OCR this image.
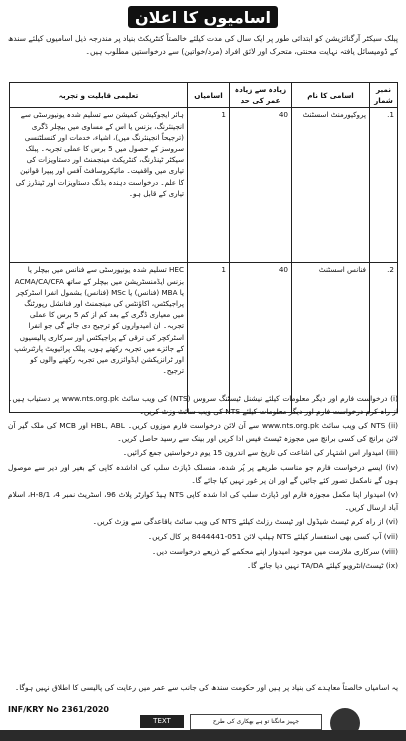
اسامیوں کا اعلان
پبلک سیکٹر آرگنائزیشن کو ابتدائی طور پر ایک سال کی مدت کیلئے خالصتاً کنٹریکٹ بنیاد پر مندرجہ ذیل اسامیوں کیلئے سندھ کے ڈومیسائل یافتہ نہایت محنتی، متحرک اور لائق افراد (مرد/خواتین) سے درخواستیں مطلوب ہیں۔
نمبر شمار	اسامی کا نام	زیادہ سے زیادہ عمر کی حد	اسامیاں	تعلیمی قابلیت و تجربہ
1.	پروکیورمنٹ اسسٹنٹ	40	1	ہائر ایجوکیشن کمیشن سے تسلیم شدہ یونیورسٹی سے انجینئرنگ، بزنس یا اس کے مساوی میں بیچلر ڈگری (ترجیحاً انجینئرنگ میں)، اشیاء، خدمات اور کنسلٹنسی سروسز کے حصول میں 5 برس کا عملی تجربہ۔ پبلک سیکٹر ٹینڈرنگ، کنٹریکٹ مینجمنٹ اور دستاویزات کی تیاری میں واقفیت۔ مائیکروسافٹ آفس اور پیپرا قوانین کا علم۔ درخواست دہندہ بڈنگ دستاویزات اور ٹینڈرز کی تیاری کے قابل ہو۔
2.	فنانس اسسٹنٹ	40	1	HEC تسلیم شدہ یونیورسٹی سے فنانس میں بیچلر یا بزنس ایڈمنسٹریشن میں بیچلر کے ساتھ ACMA/CA/CFA یا MBA (فنانس) یا MSc (فنانس) بشمول انفرا اسٹرکچر پراجیکٹس، اکاؤنٹس کی مینجمنٹ اور فنانشل رپورٹنگ میں معیاری ڈگری کے بعد کم از کم 5 برس کا عملی تجربہ۔ ان امیدواروں کو ترجیح دی جائے گی جو انفرا اسٹرکچر کی ترقی کے پراجیکٹس اور سرکاری پالیسیوں کے جائزے میں تجربہ رکھتے ہوں، پبلک پرائیویٹ پارٹنرشپ اور ٹرانزیکشن ایڈوائزری میں تجربہ رکھنے والوں کو ترجیح۔
(i) درخواست فارم اور دیگر معلومات کیلئے نیشنل ٹیسٹنگ سروس (NTS) کی ویب سائٹ www.nts.org.pk پر دستیاب ہیں۔ از راہ کرم درخواست فارم اور دیگر معلومات کیلئے NTS کی ویب سائٹ وزٹ کریں۔
(ii) NTS کی ویب سائٹ www.nts.org.pk سے آن لائن درخواست فارم موزوں کریں۔ HBL, ABL اور MCB کی ملک گیر آن لائن برانچ کی کسی برانچ میں مجوزہ ٹیسٹ فیس ادا کریں اور بینک سے رسید حاصل کریں۔
(iii) امیدوار اس اشتہار کی اشاعت کی تاریخ سے اندرون 15 یوم درخواستیں جمع کرائیں۔
(iv) ایسے درخواست فارم جو مناسب طریقے پر پُر شدہ، منسلک ڈپازٹ سلپ کی اداشدہ کاپی کے بغیر اور دیر سے موصول ہوں گے نامکمل تصور کئے جائیں گے اور ان پر غور نہیں کیا جائے گا۔
(v) امیدوار اپنا مکمل مجوزہ فارم اور ڈپازٹ سلپ کی ادا شدہ کاپی NTS ہیڈ کوارٹر پلاٹ 96، اسٹریٹ نمبر 4، H-8/1، اسلام آباد ارسال کریں۔
(vi) از راہ کرم ٹیسٹ شیڈول اور ٹیسٹ رزلٹ کیلئے NTS کی ویب سائٹ باقاعدگی سے وزٹ کریں۔
(vii) آپ کسی بھی استفسار کیلئے NTS ہیلپ لائن 051-8444441 پر کال کریں۔
(viii) سرکاری ملازمت میں موجود امیدوار اپنے محکمے کے ذریعے درخواست دیں۔
(ix) ٹیسٹ/انٹرویو کیلئے TA/DA نہیں دیا جائے گا۔
یہ اسامیاں خالصتاً معاہدے کی بنیاد پر ہیں اور حکومت سندھ کی جانب سے عمر میں رعایت کی پالیسی کا اطلاق نہیں ہوگا۔
INF/KRY No 2361/2020
TEXT	جہیز مانگنا تو ہے بھکاری کی طرح
